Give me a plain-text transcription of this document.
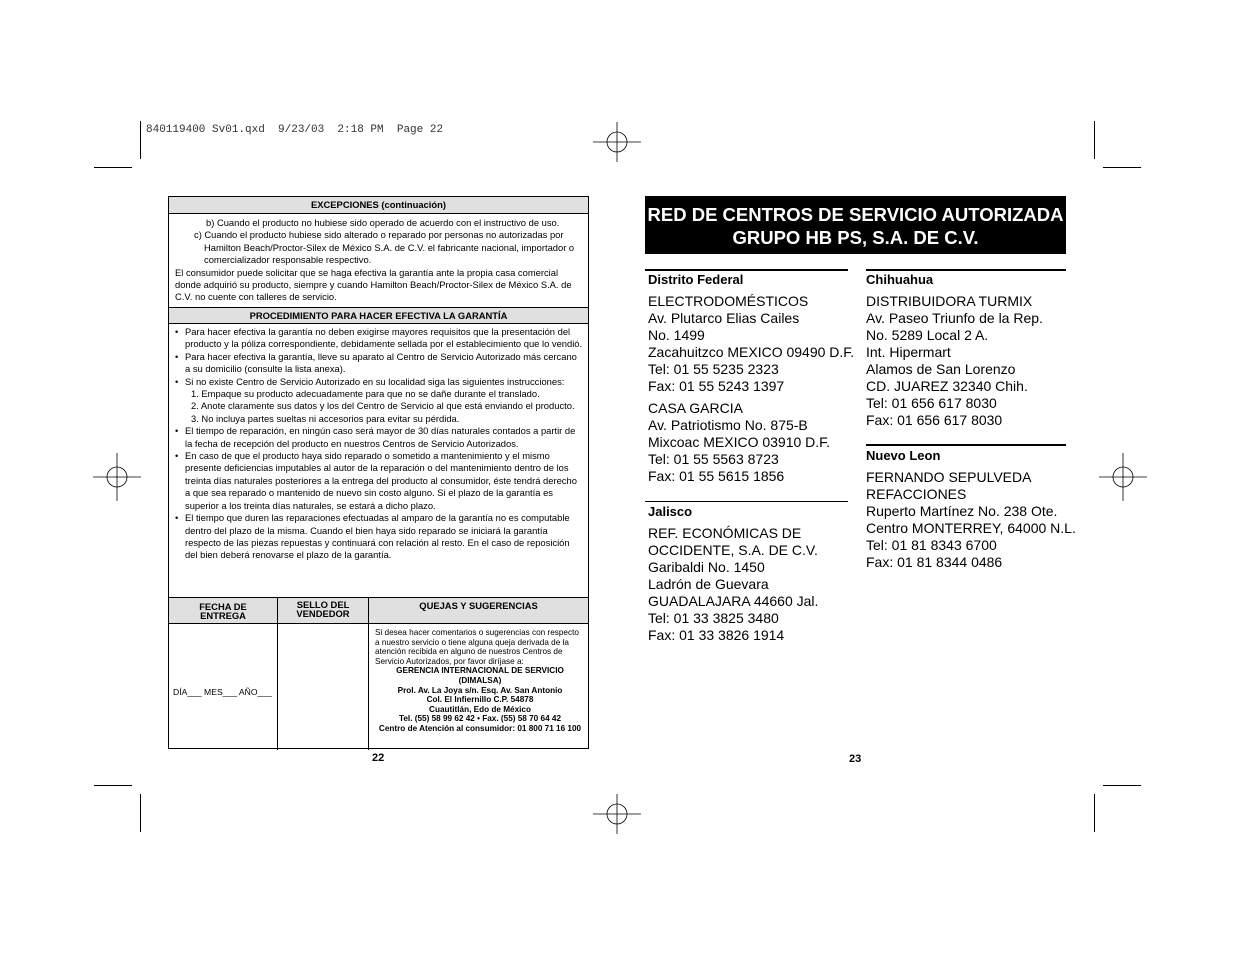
840119400 Sv01.qxd  9/23/03  2:18 PM  Page 22
EXCEPCIONES (continuación)
b) Cuando el producto no hubiese sido operado de acuerdo con el instructivo de uso.
c) Cuando el producto hubiese sido alterado o reparado por personas no autorizadas por Hamilton Beach/Proctor-Silex de México S.A. de C.V. el fabricante nacional, importador o comercializador responsable respectivo.
El consumidor puede solicitar que se haga efectiva la garantía ante la propia casa comercial donde adquirió su producto, siempre y cuando Hamilton Beach/Proctor-Silex de México S.A. de C.V. no cuente con talleres de servicio.
PROCEDIMIENTO PARA HACER EFECTIVA LA GARANTÍA
• Para hacer efectiva la garantía no deben exigirse mayores requisitos que la presentación del producto y la póliza correspondiente, debidamente sellada por el establecimiento que lo vendió.
• Para hacer efectiva la garantía, lleve su aparato al Centro de Servicio Autorizado más cercano a su domicilio (consulte la lista anexa).
• Si no existe Centro de Servicio Autorizado en su localidad siga las siguientes instrucciones:
1. Empaque su producto adecuadamente para que no se dañe durante el translado.
2. Anote claramente sus datos y los del Centro de Servicio al que está enviando el producto.
3. No incluya partes sueltas ni accesorios para evitar su pérdida.
• El tiempo de reparación, en ningún caso será mayor de 30 días naturales contados a partir de la fecha de recepción del producto en nuestros Centros de Servicio Autorizados.
• En caso de que el producto haya sido reparado o sometido a mantenimiento y el mismo presente deficiencias imputables al autor de la reparación o del mantenimiento dentro de los treinta días naturales posteriores a la entrega del producto al consumidor, éste tendrá derecho a que sea reparado o mantenido de nuevo sin costo alguno. Si el plazo de la garantía es superior a los treinta días naturales, se estará a dicho plazo.
• El tiempo que duren las reparaciones efectuadas al amparo de la garantía no es computable dentro del plazo de la misma. Cuando el bien haya sido reparado se iniciará la garantía respecto de las piezas repuestas y continuará con relación al resto. En el caso de reposición del bien deberá renovarse el plazo de la garantía.
FECHA DE ENTREGA
SELLO DEL VENDEDOR
QUEJAS Y SUGERENCIAS
DÍA___ MES___ AÑO___
Si desea hacer comentarios o sugerencias con respecto a nuestro servicio o tiene alguna queja derivada de la atención recibida en alguno de nuestros Centros de Servicio Autorizados, por favor diríjase a:
GERENCIA INTERNACIONAL DE SERVICIO
(DIMALSA)
Prol. Av. La Joya s/n. Esq. Av. San Antonio
Col. El Infiernillo C.P. 54878
Cuautitlán, Edo de México
Tel. (55) 58 99 62 42 • Fax. (55) 58 70 64 42
Centro de Atención al consumidor: 01 800 71 16 100
22
RED DE CENTROS DE SERVICIO AUTORIZADA
GRUPO HB PS, S.A. DE C.V.
Distrito Federal
ELECTRODOMÉSTICOS
Av. Plutarco Elias Cailes
No. 1499
Zacahuitzco MEXICO 09490 D.F.
Tel: 01 55 5235 2323
Fax: 01 55 5243 1397
CASA GARCIA
Av. Patriotismo No. 875-B
Mixcoac MEXICO 03910 D.F.
Tel: 01 55 5563 8723
Fax: 01 55 5615 1856
Jalisco
REF. ECONÓMICAS DE
OCCIDENTE, S.A. DE C.V.
Garibaldi No. 1450
Ladrón de Guevara
GUADALAJARA 44660 Jal.
Tel: 01 33 3825 3480
Fax: 01 33 3826 1914
Chihuahua
DISTRIBUIDORA TURMIX
Av. Paseo Triunfo de la Rep.
No. 5289 Local 2 A.
Int. Hipermart
Alamos de San Lorenzo
CD. JUAREZ 32340 Chih.
Tel: 01 656 617 8030
Fax: 01 656 617 8030
Nuevo Leon
FERNANDO SEPULVEDA
REFACCIONES
Ruperto Martínez No. 238 Ote.
Centro MONTERREY, 64000 N.L.
Tel: 01 81 8343 6700
Fax: 01 81 8344 0486
23
